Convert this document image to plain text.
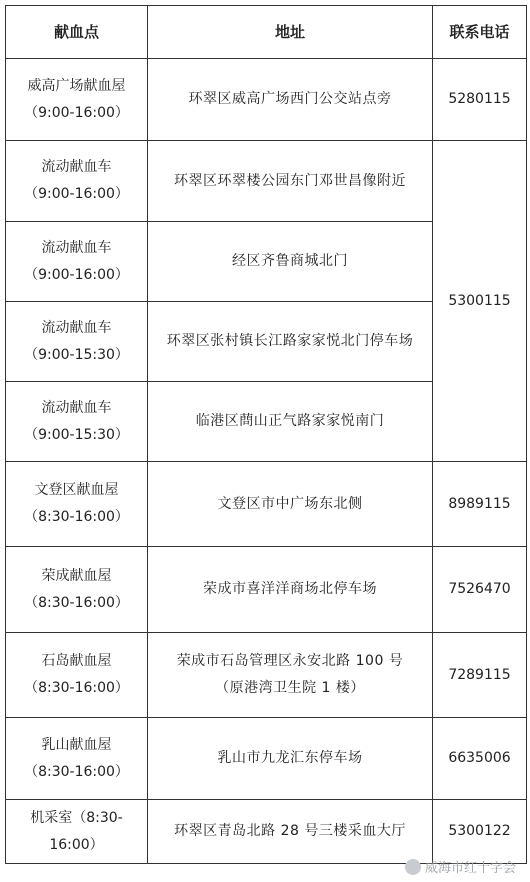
献血点	地址	联系电话

威高广场献血屋
（9:00-16:00）	环翠区威高广场西门公交站点旁	5280115

流动献血车
（9:00-16:00）	环翠区环翠楼公园东门邓世昌像附近	5300115

流动献血车
（9:00-16:00）	经区齐鲁商城北门	

流动献血车
（9:00-15:30）	环翠区张村镇长江路家家悦北门停车场	

流动献血车
（9:00-15:30）	临港区蔄山正气路家家悦南门	

文登区献血屋
（8:30-16:00）	文登区市中广场东北侧	8989115

荣成献血屋
（8:30-16:00）	荣成市喜洋洋商场北停车场	7526470

石岛献血屋
（8:30-16:00）	荣成市石岛管理区永安北路 100 号
（原港湾卫生院 1 楼）	7289115

乳山献血屋
（8:30-16:00）	乳山市九龙汇东停车场	6635006

机采室（8:30-
16:00）	环翠区青岛北路 28 号三楼采血大厅	5300122
威海市红十字会
